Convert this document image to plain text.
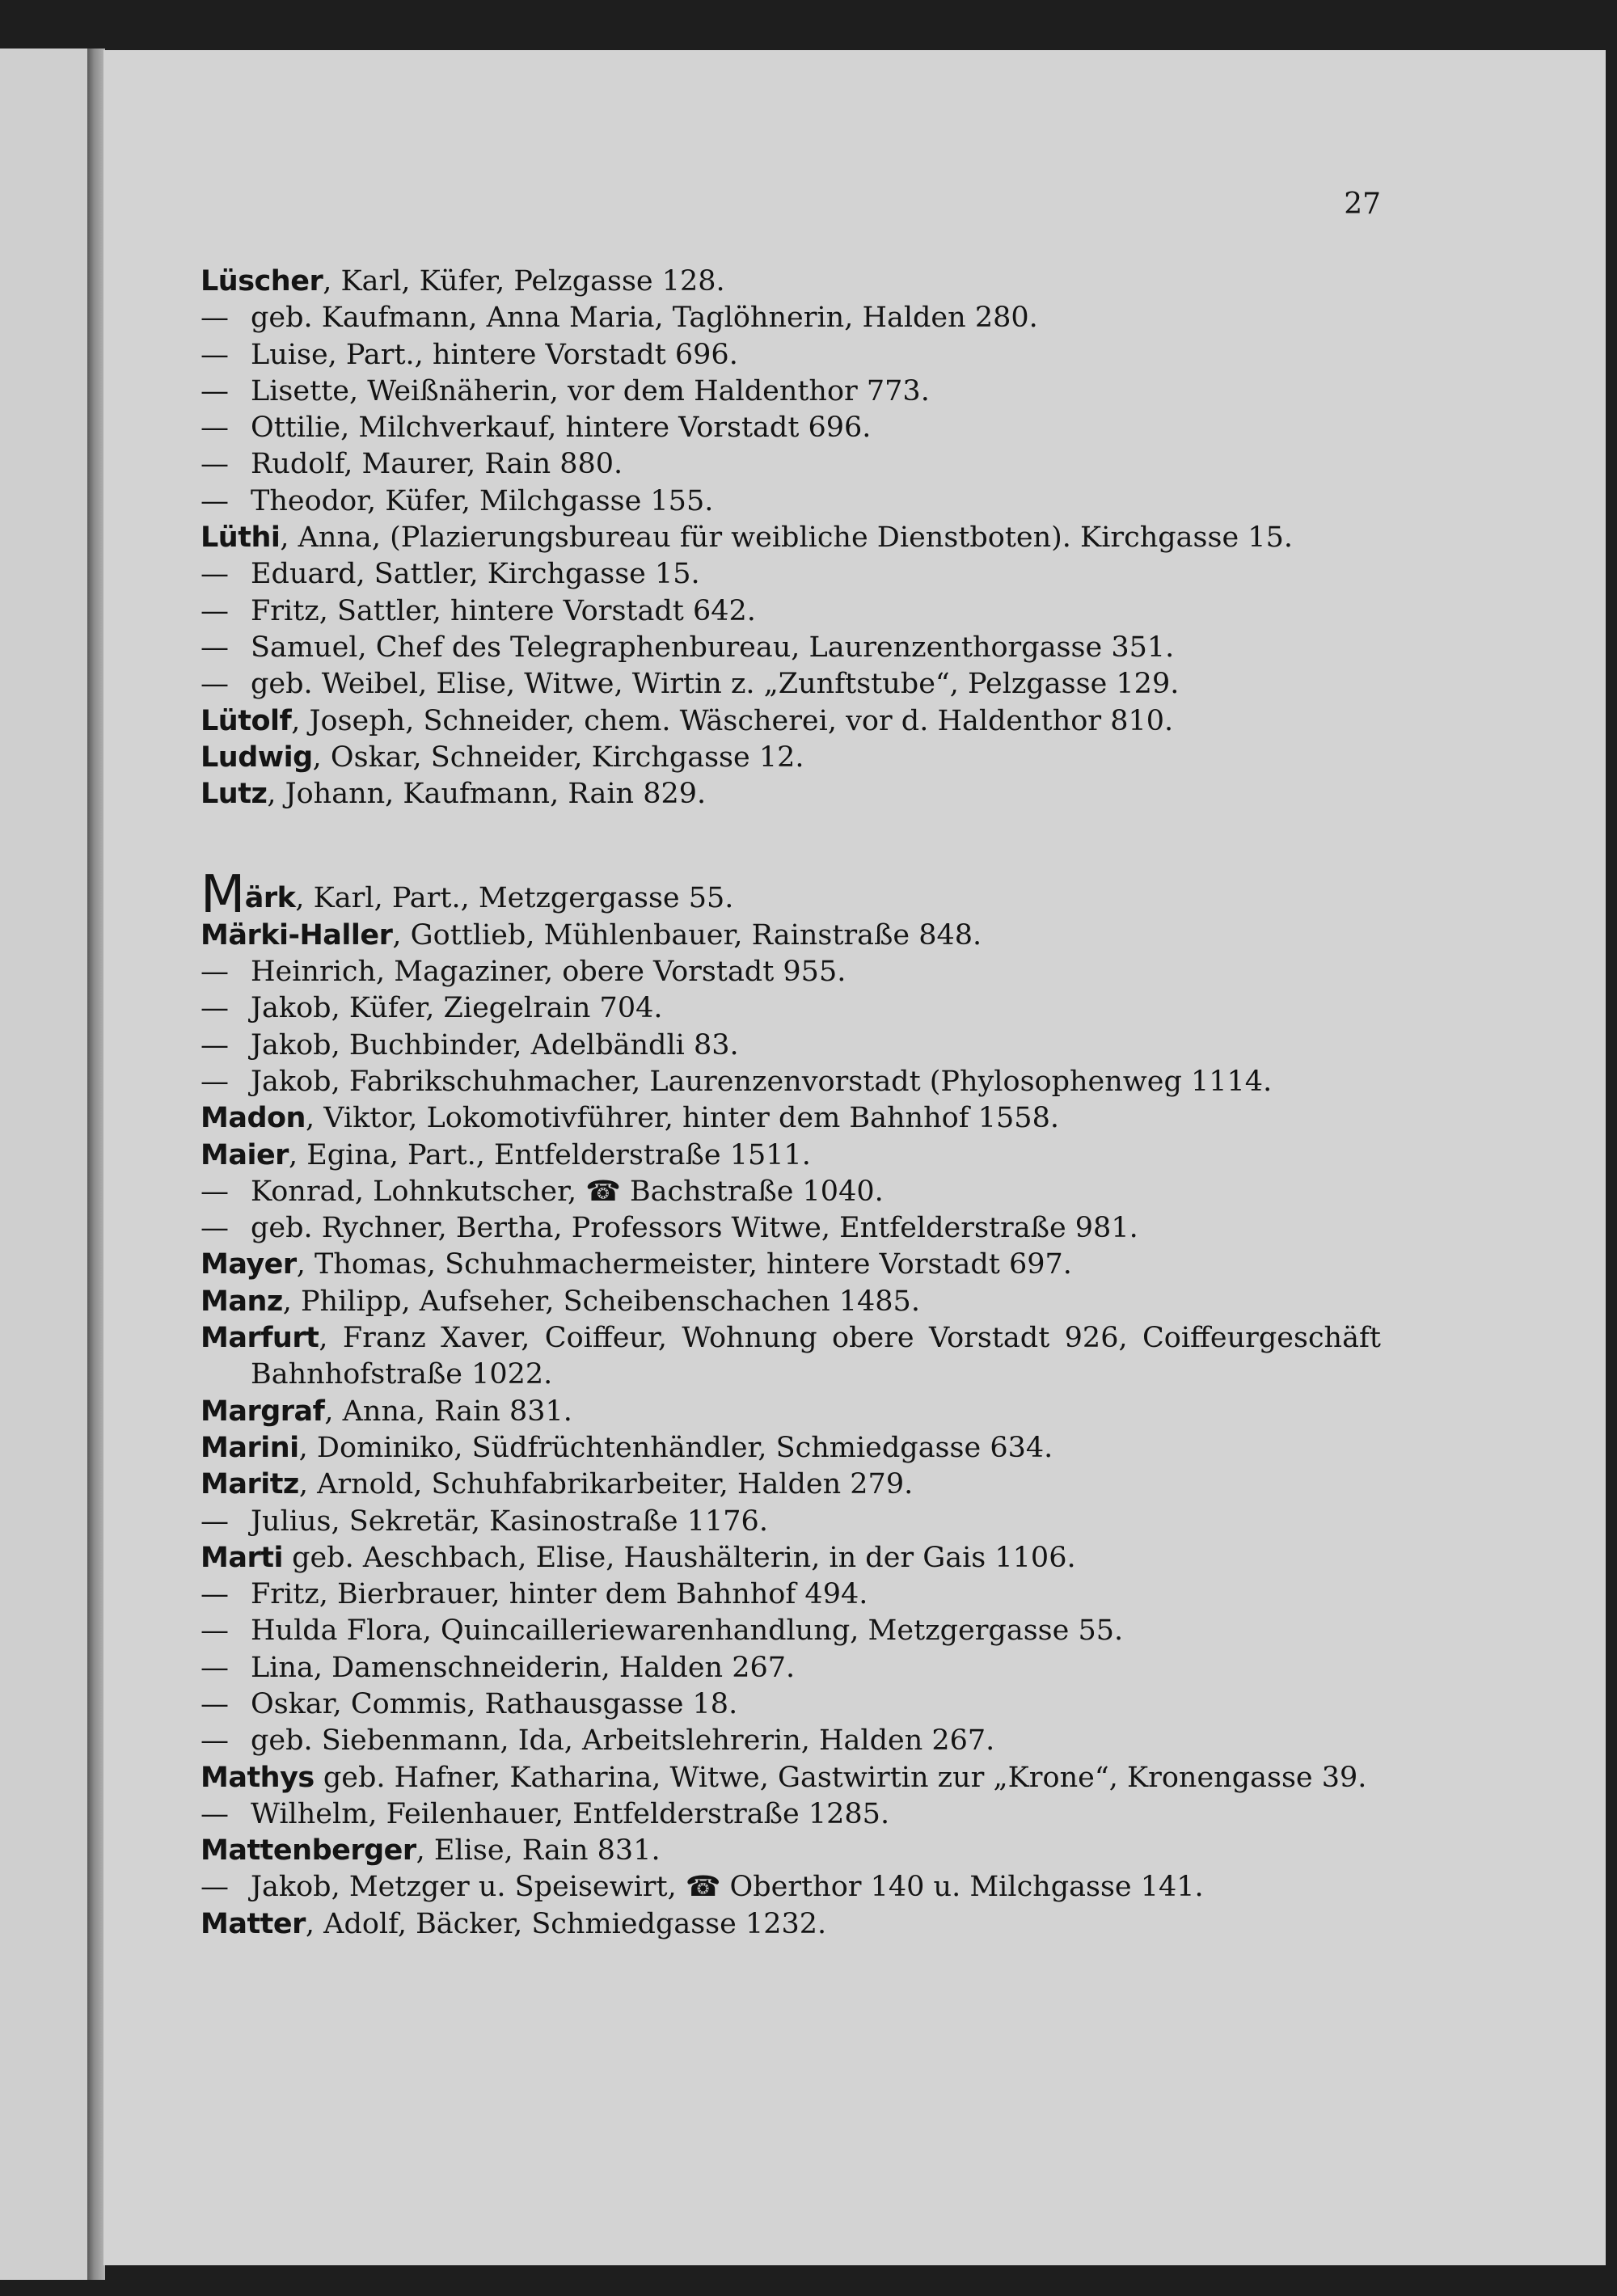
27
Lüscher, Karl, Küfer, Pelzgasse 128.
— geb. Kaufmann, Anna Maria, Taglöhnerin, Halden 280.
— Luise, Part., hintere Vorstadt 696.
— Lisette, Weißnäherin, vor dem Haldenthor 773.
— Ottilie, Milchverkauf, hintere Vorstadt 696.
— Rudolf, Maurer, Rain 880.
— Theodor, Küfer, Milchgasse 155.
Lüthi, Anna, (Plazierungsbureau für weibliche Dienstboten). Kirchgasse 15.
— Eduard, Sattler, Kirchgasse 15.
— Fritz, Sattler, hintere Vorstadt 642.
— Samuel, Chef des Telegraphenbureau, Laurenzenthorgasse 351.
— geb. Weibel, Elise, Witwe, Wirtin z. „Zunftstube“, Pelzgasse 129.
Lütolf, Joseph, Schneider, chem. Wäscherei, vor d. Haldenthor 810.
Ludwig, Oskar, Schneider, Kirchgasse 12.
Lutz, Johann, Kaufmann, Rain 829.
Märk, Karl, Part., Metzgergasse 55.
Märki-Haller, Gottlieb, Mühlenbauer, Rainstraße 848.
— Heinrich, Magaziner, obere Vorstadt 955.
— Jakob, Küfer, Ziegelrain 704.
— Jakob, Buchbinder, Adelbändli 83.
— Jakob, Fabrikschuhmacher, Laurenzenvorstadt (Phylosophenweg 1114.
Madon, Viktor, Lokomotivführer, hinter dem Bahnhof 1558.
Maier, Egina, Part., Entfelderstraße 1511.
— Konrad, Lohnkutscher, ☎ Bachstraße 1040.
— geb. Rychner, Bertha, Professors Witwe, Entfelderstraße 981.
Mayer, Thomas, Schuhmachermeister, hintere Vorstadt 697.
Manz, Philipp, Aufseher, Scheibenschachen 1485.
Marfurt, Franz Xaver, Coiffeur, Wohnung obere Vorstadt 926, Coiffeurgeschäft Bahnhofstraße 1022.
Margraf, Anna, Rain 831.
Marini, Dominiko, Südfrüchtenhändler, Schmiedgasse 634.
Maritz, Arnold, Schuhfabrikarbeiter, Halden 279.
— Julius, Sekretär, Kasinostraße 1176.
Marti geb. Aeschbach, Elise, Haushälterin, in der Gais 1106.
— Fritz, Bierbrauer, hinter dem Bahnhof 494.
— Hulda Flora, Quincailleriewarenhandlung, Metzgergasse 55.
— Lina, Damenschneiderin, Halden 267.
— Oskar, Commis, Rathausgasse 18.
— geb. Siebenmann, Ida, Arbeitslehrerin, Halden 267.
Mathys geb. Hafner, Katharina, Witwe, Gastwirtin zur „Krone“, Kronengasse 39.
— Wilhelm, Feilenhauer, Entfelderstraße 1285.
Mattenberger, Elise, Rain 831.
— Jakob, Metzger u. Speisewirt, ☎ Oberthor 140 u. Milchgasse 141.
Matter, Adolf, Bäcker, Schmiedgasse 1232.
